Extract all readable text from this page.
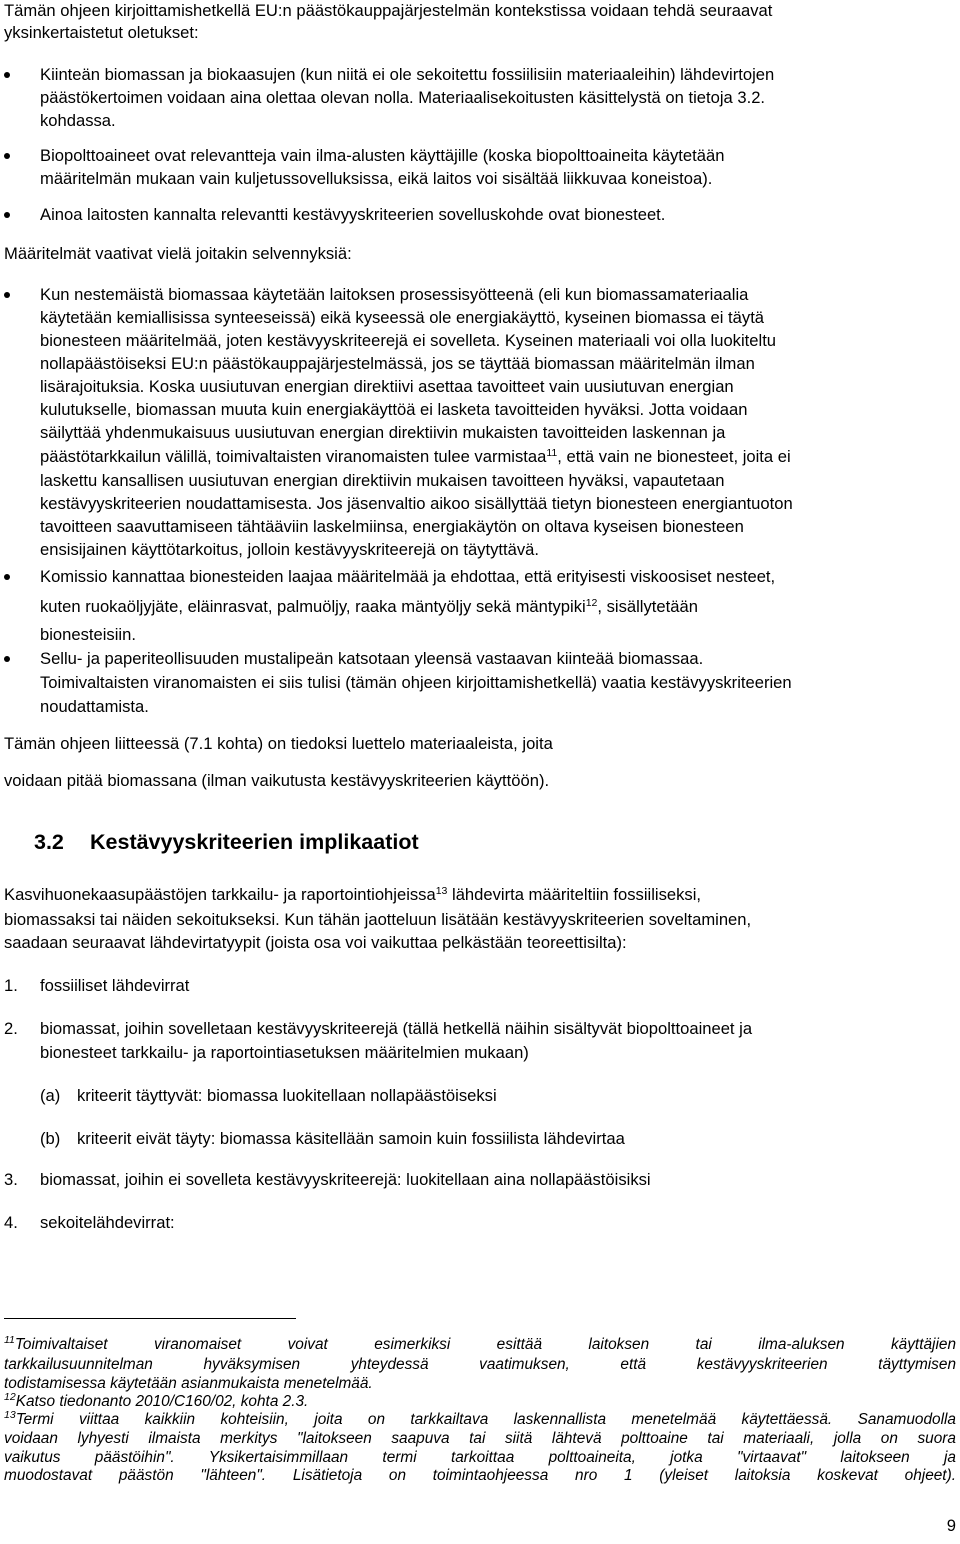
Tämän ohjeen kirjoittamishetkellä EU:n päästökauppajärjestelmän kontekstissa voidaan tehdä seuraavat
yksinkertaistetut oletukset:
Kiinteän biomassan ja biokaasujen (kun niitä ei ole sekoitettu fossiilisiin materiaaleihin) lähdevirtojen
päästökertoimen voidaan aina olettaa olevan nolla. Materiaalisekoitusten käsittelystä on tietoja 3.2.
kohdassa.
Biopolttoaineet ovat relevantteja vain ilma-alusten käyttäjille (koska biopolttoaineita käytetään
määritelmän mukaan vain kuljetussovelluksissa, eikä laitos voi sisältää liikkuvaa koneistoa).
Ainoa laitosten kannalta relevantti kestävyyskriteerien sovelluskohde ovat bionesteet.
Määritelmät vaativat vielä joitakin selvennyksiä:
Kun nestemäistä biomassaa käytetään laitoksen prosessisyötteenä (eli kun biomassamateriaalia
käytetään kemiallisissa synteeseissä) eikä kyseessä ole energiakäyttö, kyseinen biomassa ei täytä
bionesteen määritelmää, joten kestävyyskriteerejä ei sovelleta. Kyseinen materiaali voi olla luokiteltu
nollapäästöiseksi EU:n päästökauppajärjestelmässä, jos se täyttää biomassan määritelmän ilman
lisärajoituksia. Koska uusiutuvan energian direktiivi asettaa tavoitteet vain uusiutuvan energian
kulutukselle, biomassan muuta kuin energiakäyttöä ei lasketa tavoitteiden hyväksi. Jotta voidaan
säilyttää yhdenmukaisuus uusiutuvan energian direktiivin mukaisten tavoitteiden laskennan ja
päästötarkkailun välillä, toimivaltaisten viranomaisten tulee varmistaa$^{11}$, että vain ne bionesteet, joita ei
laskettu kansallisen uusiutuvan energian direktiivin mukaisen tavoitteen hyväksi, vapautetaan
kestävyyskriteerien noudattamisesta. Jos jäsenvaltio aikoo sisällyttää tietyn bionesteen energiantuoton
tavoitteen saavuttamiseen tähtääviin laskelmiinsa, energiakäytön on oltava kyseisen bionesteen
ensisijainen käyttötarkoitus, jolloin kestävyyskriteerejä on täytyttävä.
Komissio kannattaa bionesteiden laajaa määritelmää ja ehdottaa, että erityisesti viskoosiset nesteet,
kuten ruokaöljyjäte, eläinrasvat, palmuöljy, raaka mäntyöljy sekä mäntypiki$^{12}$, sisällytetään
bionesteisiin.
Sellu- ja paperiteollisuuden mustalipeän katsotaan yleensä vastaavan kiinteää biomassaa.
Toimivaltaisten viranomaisten ei siis tulisi (tämän ohjeen kirjoittamishetkellä) vaatia kestävyyskriteerien
noudattamista.
Tämän ohjeen liitteessä (7.1 kohta) on tiedoksi luettelo materiaaleista, joita
voidaan pitää biomassana (ilman vaikutusta kestävyyskriteerien käyttöön).
3.2 Kestävyyskriteerien implikaatiot
Kasvihuonekaasupäästöjen tarkkailu- ja raportointiohjeissa$^{13}$ lähdevirta määriteltiin fossiiliseksi,
biomassaksi tai näiden sekoitukseksi. Kun tähän jaotteluun lisätään kestävyyskriteerien soveltaminen,
saadaan seuraavat lähdevirtatyypit (joista osa voi vaikuttaa pelkästään teoreettisilta):
1. fossiiliset lähdevirrat
2. biomassat, joihin sovelletaan kestävyyskriteerejä (tällä hetkellä näihin sisältyvät biopolttoaineet ja
bionesteet tarkkailu- ja raportointiasetuksen määritelmien mukaan)
(a) kriteerit täyttyvät: biomassa luokitellaan nollapäästöiseksi
(b) kriteerit eivät täyty: biomassa käsitellään samoin kuin fossiilista lähdevirtaa
3. biomassat, joihin ei sovelleta kestävyyskriteerejä: luokitellaan aina nollapäästöisiksi
4. sekoitelähdevirrat:
$^{11}$Toimivaltaiset viranomaiset voivat esimerkiksi esittää laitoksen tai ilma-aluksen käyttäjien
tarkkailusuunnitelman hyväksymisen yhteydessä vaatimuksen, että kestävyyskriteerien täyttymisen
todistamisessa käytetään asianmukaista menetelmää.
$^{12}$Katso tiedonanto 2010/C160/02, kohta 2.3.
$^{13}$Termi viittaa kaikkiin kohteisiin, joita on tarkkailtava laskennallista menetelmää käytettäessä. Sanamuodolla
voidaan lyhyesti ilmaista merkitys "laitokseen saapuva tai siitä lähtevä polttoaine tai materiaali, jolla on suora
vaikutus päästöihin". Yksikertaisimmillaan termi tarkoittaa polttoaineita, jotka "virtaavat" laitokseen ja
muodostavat päästön "lähteen". Lisätietoja on toimintaohjeessa nro 1 (yleiset laitoksia koskevat ohjeet).
9
